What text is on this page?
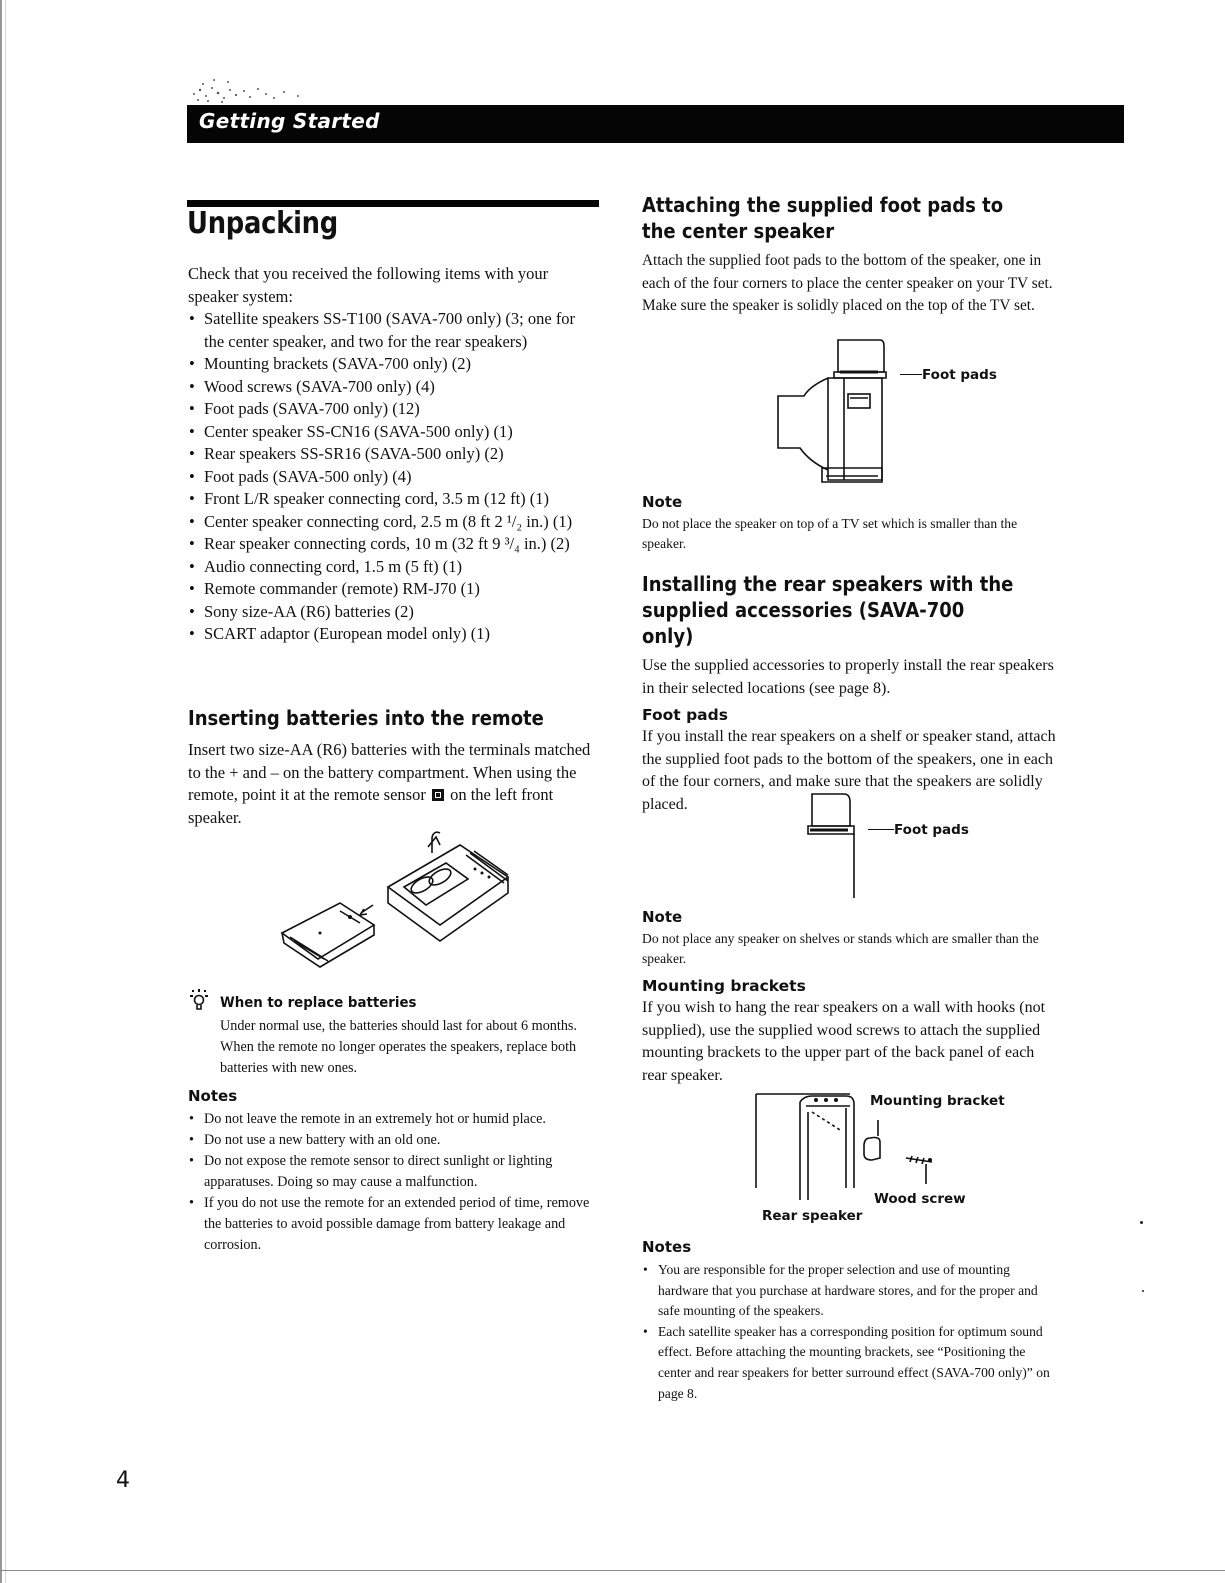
Getting Started
Unpacking
Check that you received the following items with your speaker system:
• Satellite speakers SS-T100 (SAVA-700 only) (3; one for the center speaker, and two for the rear speakers)
• Mounting brackets (SAVA-700 only) (2)
• Wood screws (SAVA-700 only) (4)
• Foot pads (SAVA-700 only) (12)
• Center speaker SS-CN16 (SAVA-500 only) (1)
• Rear speakers SS-SR16 (SAVA-500 only) (2)
• Foot pads (SAVA-500 only) (4)
• Front L/R speaker connecting cord, 3.5 m (12 ft) (1)
• Center speaker connecting cord, 2.5 m (8 ft 2 ¹/₂ in.) (1)
• Rear speaker connecting cords, 10 m (32 ft 9 ³/₄ in.) (2)
• Audio connecting cord, 1.5 m (5 ft) (1)
• Remote commander (remote) RM-J70 (1)
• Sony size-AA (R6) batteries (2)
• SCART adaptor (European model only) (1)
Inserting batteries into the remote
Insert two size-AA (R6) batteries with the terminals matched to the + and – on the battery compartment. When using the remote, point it at the remote sensor on the left front speaker.
When to replace batteries
Under normal use, the batteries should last for about 6 months. When the remote no longer operates the speakers, replace both batteries with new ones.
Notes
• Do not leave the remote in an extremely hot or humid place.
• Do not use a new battery with an old one.
• Do not expose the remote sensor to direct sunlight or lighting apparatuses. Doing so may cause a malfunction.
• If you do not use the remote for an extended period of time, remove the batteries to avoid possible damage from battery leakage and corrosion.
Attaching the supplied foot pads to the center speaker
Attach the supplied foot pads to the bottom of the speaker, one in each of the four corners to place the center speaker on your TV set. Make sure the speaker is solidly placed on the top of the TV set.
Foot pads
Note
Do not place the speaker on top of a TV set which is smaller than the speaker.
Installing the rear speakers with the supplied accessories (SAVA-700 only)
Use the supplied accessories to properly install the rear speakers in their selected locations (see page 8).
Foot pads
If you install the rear speakers on a shelf or speaker stand, attach the supplied foot pads to the bottom of the speakers, one in each of the four corners, and make sure that the speakers are solidly placed.
Foot pads
Note
Do not place any speaker on shelves or stands which are smaller than the speaker.
Mounting brackets
If you wish to hang the rear speakers on a wall with hooks (not supplied), use the supplied wood screws to attach the supplied mounting brackets to the upper part of the back panel of each rear speaker.
Mounting bracket
Wood screw
Rear speaker
Notes
• You are responsible for the proper selection and use of mounting hardware that you purchase at hardware stores, and for the proper and safe mounting of the speakers.
• Each satellite speaker has a corresponding position for optimum sound effect. Before attaching the mounting brackets, see “Positioning the center and rear speakers for better surround effect (SAVA-700 only)” on page 8.
4
